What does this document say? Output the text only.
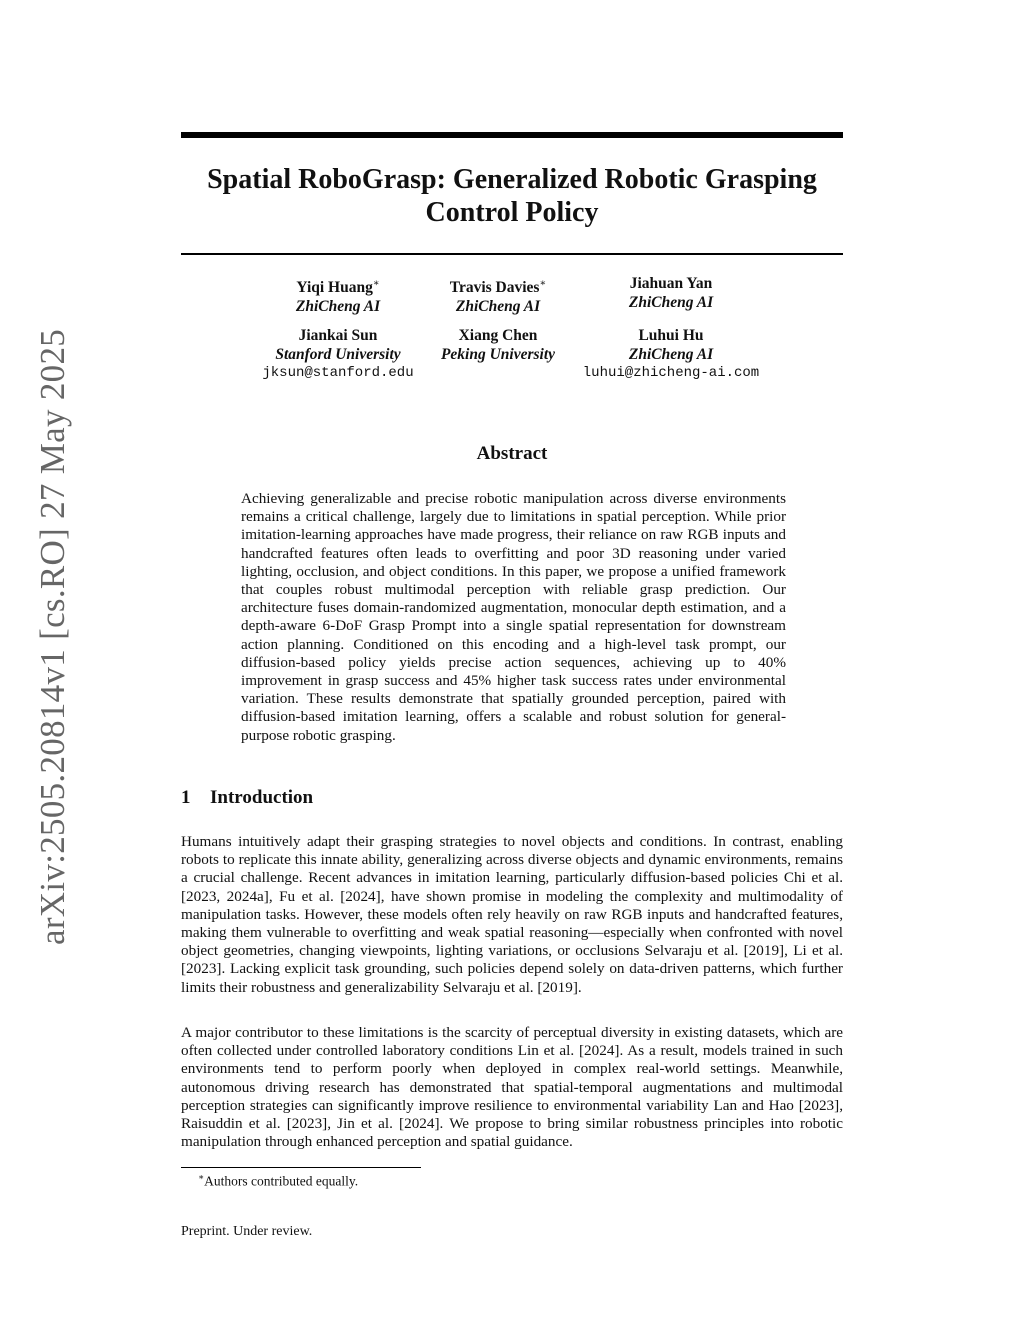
arXiv:2505.20814v1 [cs.RO] 27 May 2025
Spatial RoboGrasp: Generalized Robotic Grasping Control Policy
Yiqi Huang∗
ZhiCheng AI
Travis Davies∗
ZhiCheng AI
Jiahuan Yan
ZhiCheng AI
Jiankai Sun
Stanford University
jksun@stanford.edu
Xiang Chen
Peking University
Luhui Hu
ZhiCheng AI
luhui@zhicheng-ai.com
Abstract

Achieving generalizable and precise robotic manipulation across diverse environments remains a critical challenge, largely due to limitations in spatial perception. While prior imitation-learning approaches have made progress, their reliance on raw RGB inputs and handcrafted features often leads to overfitting and poor 3D reasoning under varied lighting, occlusion, and object conditions. In this paper, we propose a unified framework that couples robust multimodal perception with reliable grasp prediction. Our architecture fuses domain-randomized augmentation, monocular depth estimation, and a depth-aware 6-DoF Grasp Prompt into a single spatial representation for downstream action planning. Conditioned on this encoding and a high-level task prompt, our diffusion-based policy yields precise action sequences, achieving up to 40% improvement in grasp success and 45% higher task success rates under environmental variation. These results demonstrate that spatially grounded perception, paired with diffusion-based imitation learning, offers a scalable and robust solution for general-purpose robotic grasping.

1 Introduction

Humans intuitively adapt their grasping strategies to novel objects and conditions. In contrast, enabling robots to replicate this innate ability, generalizing across diverse objects and dynamic environments, remains a crucial challenge. Recent advances in imitation learning, particularly diffusion-based policies Chi et al. [2023, 2024a], Fu et al. [2024], have shown promise in modeling the complexity and multimodality of manipulation tasks. However, these models often rely heavily on raw RGB inputs and handcrafted features, making them vulnerable to overfitting and weak spatial reasoning—especially when confronted with novel object geometries, changing viewpoints, lighting variations, or occlusions Selvaraju et al. [2019], Li et al. [2023]. Lacking explicit task grounding, such policies depend solely on data-driven patterns, which further limits their robustness and generalizability Selvaraju et al. [2019].

A major contributor to these limitations is the scarcity of perceptual diversity in existing datasets, which are often collected under controlled laboratory conditions Lin et al. [2024]. As a result, models trained in such environments tend to perform poorly when deployed in complex real-world settings. Meanwhile, autonomous driving research has demonstrated that spatial-temporal augmentations and multimodal perception strategies can significantly improve resilience to environmental variability Lan and Hao [2023], Raisuddin et al. [2023], Jin et al. [2024]. We propose to bring similar robustness principles into robotic manipulation through enhanced perception and spatial guidance.

∗Authors contributed equally.

Preprint. Under review.
